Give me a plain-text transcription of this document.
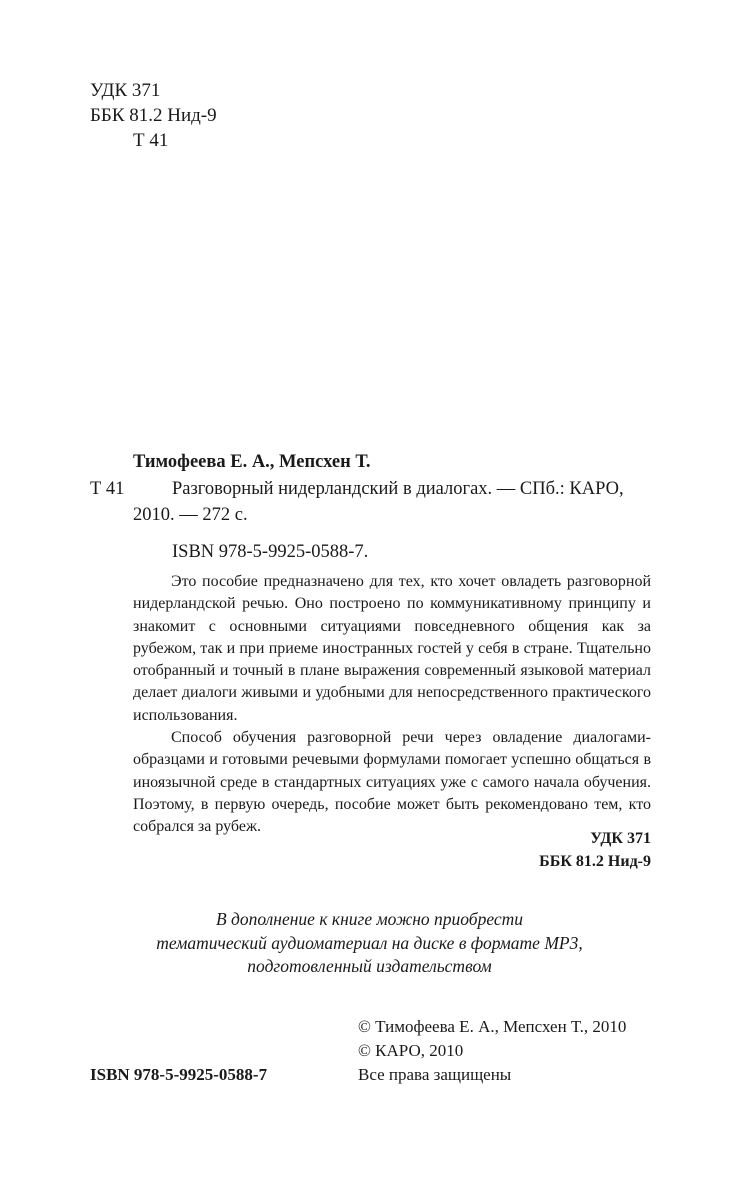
УДК 371
ББК 81.2 Нид-9
Т 41
Тимофеева Е. А., Мепсхен Т.
Т 41	Разговорный нидерландский в диалогах. — СПб.: КАРО,
2010. — 272 с.
ISBN 978-5-9925-0588-7.

Это пособие предназначено для тех, кто хочет овладеть разговорной нидерландской речью. Оно построено по коммуникативному принципу и знакомит с основными ситуациями повседневного общения как за рубежом, так и при приеме иностранных гостей у себя в стране. Тщательно отобранный и точный в плане выражения современный языковой материал делает диалоги живыми и удобными для непосредственного практического использования.

Способ обучения разговорной речи через овладение диалогами-образцами и готовыми речевыми формулами помогает успешно общаться в иноязычной среде в стандартных ситуациях уже с самого начала обучения. Поэтому, в первую очередь, пособие может быть рекомендовано тем, кто собрался за рубеж.

УДК 371
ББК 81.2 Нид-9
В дополнение к книге можно приобрести
тематический аудиоматериал на диске в формате МР3,
подготовленный издательством
© Тимофеева Е. А., Мепсхен Т., 2010
© КАРО, 2010
ISBN 978-5-9925-0588-7	Все права защищены
